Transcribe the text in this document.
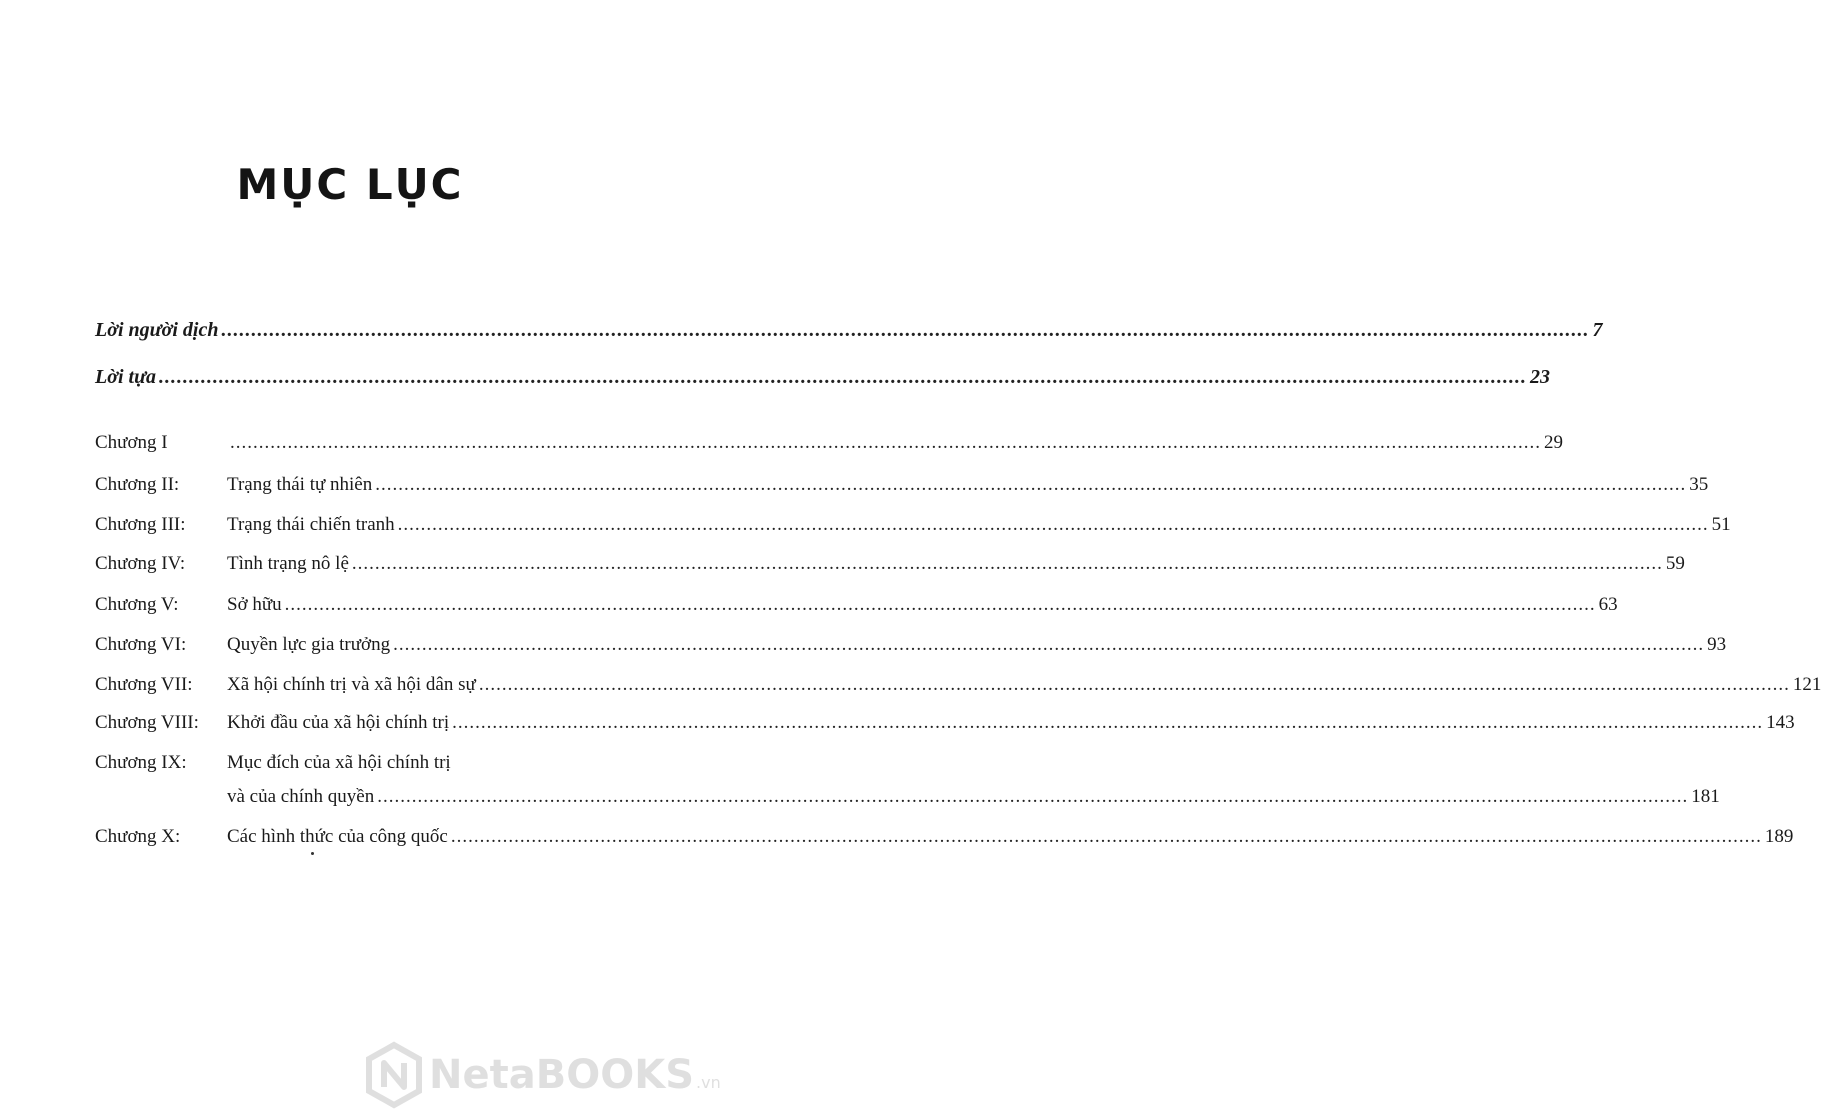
MỤC LỤC
Lời người dịch .....	7
Lời tựa .....	23
Chương I .....	29
Chương II:	Trạng thái tự nhiên .....	35
Chương III:	Trạng thái chiến tranh .....	51
Chương IV:	Tình trạng nô lệ .....	59
Chương V:	Sở hữu .....	63
Chương VI:	Quyền lực gia trưởng .....	93
Chương VII:	Xã hội chính trị và xã hội dân sự .....	121
Chương VIII:	Khởi đầu của xã hội chính trị .....	143
Chương IX:	Mục đích của xã hội chính trị
và của chính quyền .....	181
Chương X:	Các hình thức của công quốc .....	189
NetaBOOKS .vn
